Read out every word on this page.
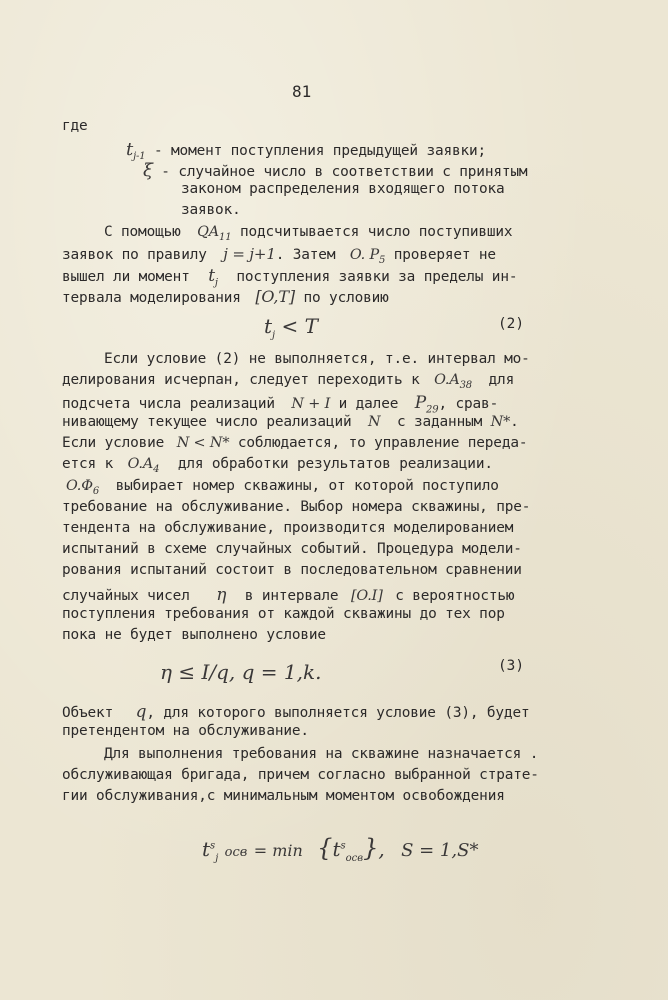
81
где
$t_{j-1}$ - момент поступления предыдущей заявки;
ξ - случайное число в соответствии с принятым
законом распределения входящего потока
заявок.
С помощью $QA_{11}$ подсчитывается число поступивших
заявок по правилу j = j+1. Затем O. $P_5$ проверяет не
вышел ли момент $t_j$ поступления заявки за пределы ин-
тервала моделирования [O,T] по условию
$t_j < T$	(2)
Если условие (2) не выполняется, т.е. интервал мо-
делирования исчерпан, следует переходить к $O.A_{38}$ для
подсчета числа реализаций N + I и далее $P_{29}$, срав-
нивающему текущее число реализаций N с заданным N*.
Если условие N < N* соблюдается, то управление переда-
ется к $O.A_4$ для обработки результатов реализации.
$O.\Phi_6$ выбирает номер скважины, от которой поступило
требование на обслуживание. Выбор номера скважины, пре-
тендента на обслуживание, производится моделированием
испытаний в схеме случайных событий. Процедура модели-
рования испытаний состоит в последовательном сравнении
случайных чисел η в интервале [O.I] с вероятностью
поступления требования от каждой скважины до тех пор
пока не будет выполнено условие
η ≤ I/q, q = 1,k.	(3)
Объект q, для которого выполняется условие (3), будет
претендентом на обслуживание.
Для выполнения требования на скважине назначается .
обслуживающая бригада, причем согласно выбранной страте-
гии обслуживания,с минимальным моментом освобождения
$t^s_j$ осв = $\min \{t^s_{осв}\}$, S = 1,S*
